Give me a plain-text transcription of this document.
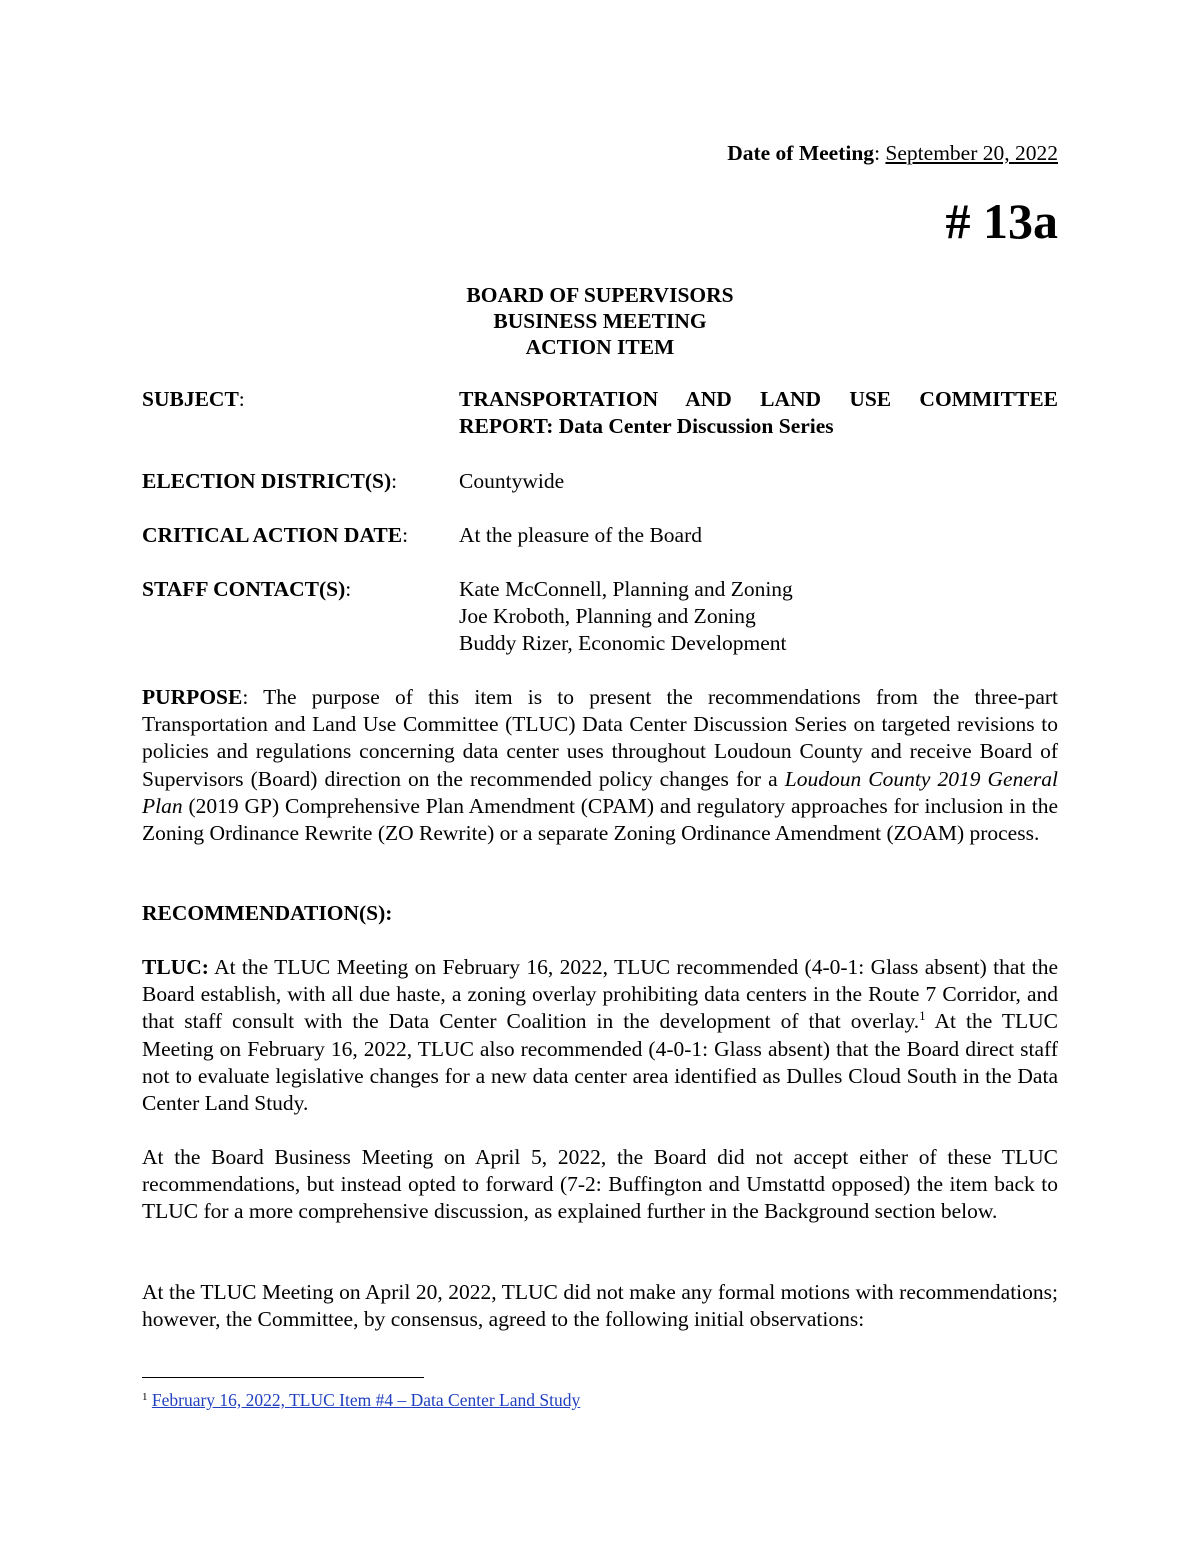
Date of Meeting: September 20, 2022
# 13a
BOARD OF SUPERVISORS
BUSINESS MEETING
ACTION ITEM
SUBJECT:	TRANSPORTATION AND LAND USE COMMITTEE
REPORT: Data Center Discussion Series
ELECTION DISTRICT(S):	Countywide
CRITICAL ACTION DATE: At the pleasure of the Board
STAFF CONTACT(S):	Kate McConnell, Planning and Zoning
Joe Kroboth, Planning and Zoning
Buddy Rizer, Economic Development
PURPOSE: The purpose of this item is to present the recommendations from the three-part Transportation and Land Use Committee (TLUC) Data Center Discussion Series on targeted revisions to policies and regulations concerning data center uses throughout Loudoun County and receive Board of Supervisors (Board) direction on the recommended policy changes for a Loudoun County 2019 General Plan (2019 GP) Comprehensive Plan Amendment (CPAM) and regulatory approaches for inclusion in the Zoning Ordinance Rewrite (ZO Rewrite) or a separate Zoning Ordinance Amendment (ZOAM) process.
RECOMMENDATION(S):
TLUC: At the TLUC Meeting on February 16, 2022, TLUC recommended (4-0-1: Glass absent) that the Board establish, with all due haste, a zoning overlay prohibiting data centers in the Route 7 Corridor, and that staff consult with the Data Center Coalition in the development of that overlay.$^1$ At the TLUC Meeting on February 16, 2022, TLUC also recommended (4-0-1: Glass absent) that the Board direct staff not to evaluate legislative changes for a new data center area identified as Dulles Cloud South in the Data Center Land Study.
At the Board Business Meeting on April 5, 2022, the Board did not accept either of these TLUC recommendations, but instead opted to forward (7-2: Buffington and Umstattd opposed) the item back to TLUC for a more comprehensive discussion, as explained further in the Background section below.
At the TLUC Meeting on April 20, 2022, TLUC did not make any formal motions with recommendations; however, the Committee, by consensus, agreed to the following initial observations:
$^1$ February 16, 2022, TLUC Item #4 – Data Center Land Study
